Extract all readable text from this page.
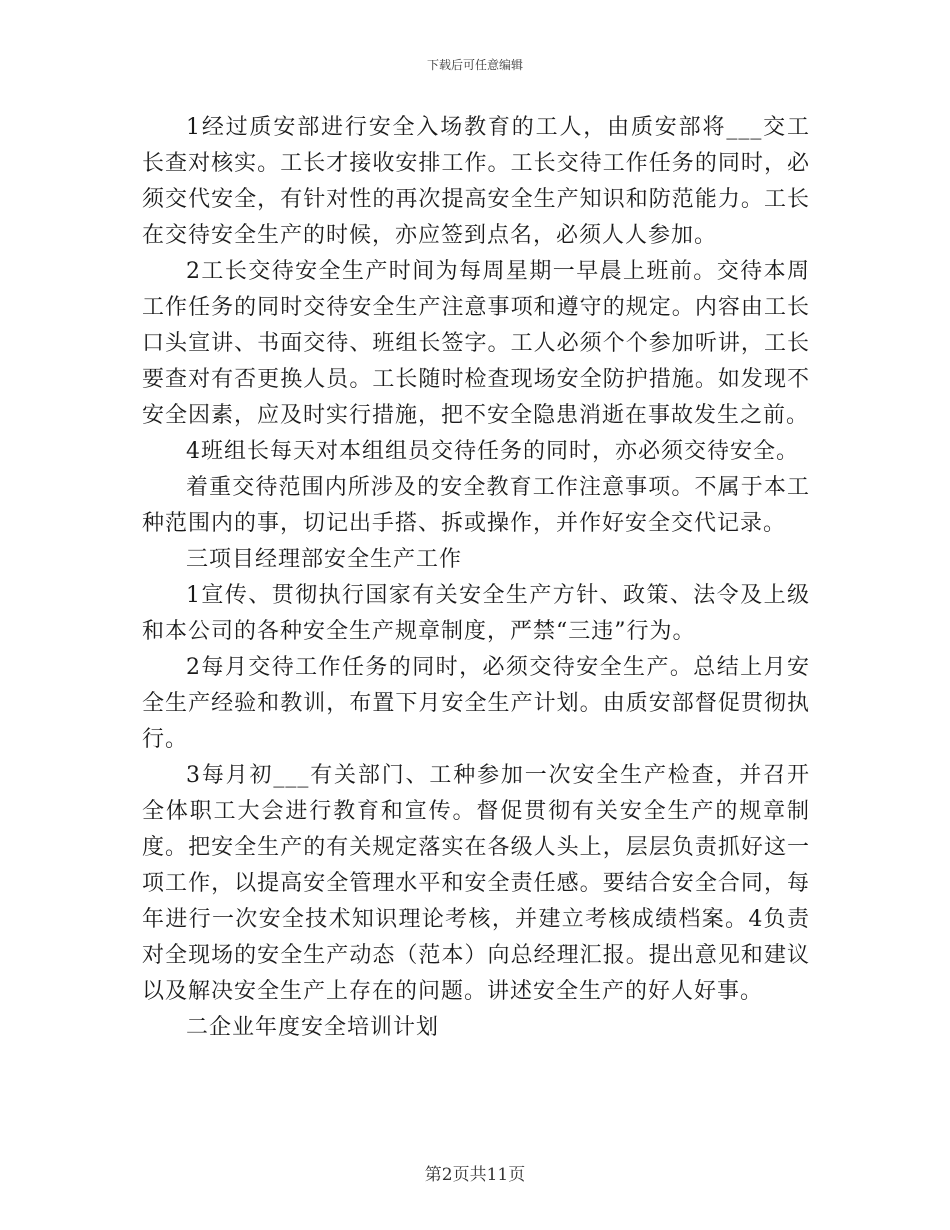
下载后可任意编辑

1经过质安部进行安全入场教育的工人，由质安部将___交工长查对核实。工长才接收安排工作。工长交待工作任务的同时，必须交代安全，有针对性的再次提高安全生产知识和防范能力。工长在交待安全生产的时候，亦应签到点名，必须人人参加。

2工长交待安全生产时间为每周星期一早晨上班前。交待本周工作任务的同时交待安全生产注意事项和遵守的规定。内容由工长口头宣讲、书面交待、班组长签字。工人必须个个参加听讲，工长要查对有否更换人员。工长随时检查现场安全防护措施。如发现不安全因素，应及时实行措施，把不安全隐患消逝在事故发生之前。

4班组长每天对本组组员交待任务的同时，亦必须交待安全。

着重交待范围内所涉及的安全教育工作注意事项。不属于本工种范围内的事，切记出手搭、拆或操作，并作好安全交代记录。

三项目经理部安全生产工作

1宣传、贯彻执行国家有关安全生产方针、政策、法令及上级和本公司的各种安全生产规章制度，严禁“三违”行为。

2每月交待工作任务的同时，必须交待安全生产。总结上月安全生产经验和教训，布置下月安全生产计划。由质安部督促贯彻执行。

3每月初___有关部门、工种参加一次安全生产检查，并召开全体职工大会进行教育和宣传。督促贯彻有关安全生产的规章制度。把安全生产的有关规定落实在各级人头上，层层负责抓好这一项工作，以提高安全管理水平和安全责任感。要结合安全合同，每年进行一次安全技术知识理论考核，并建立考核成绩档案。4负责对全现场的安全生产动态（范本）向总经理汇报。提出意见和建议以及解决安全生产上存在的问题。讲述安全生产的好人好事。

二企业年度安全培训计划

第2页共11页
